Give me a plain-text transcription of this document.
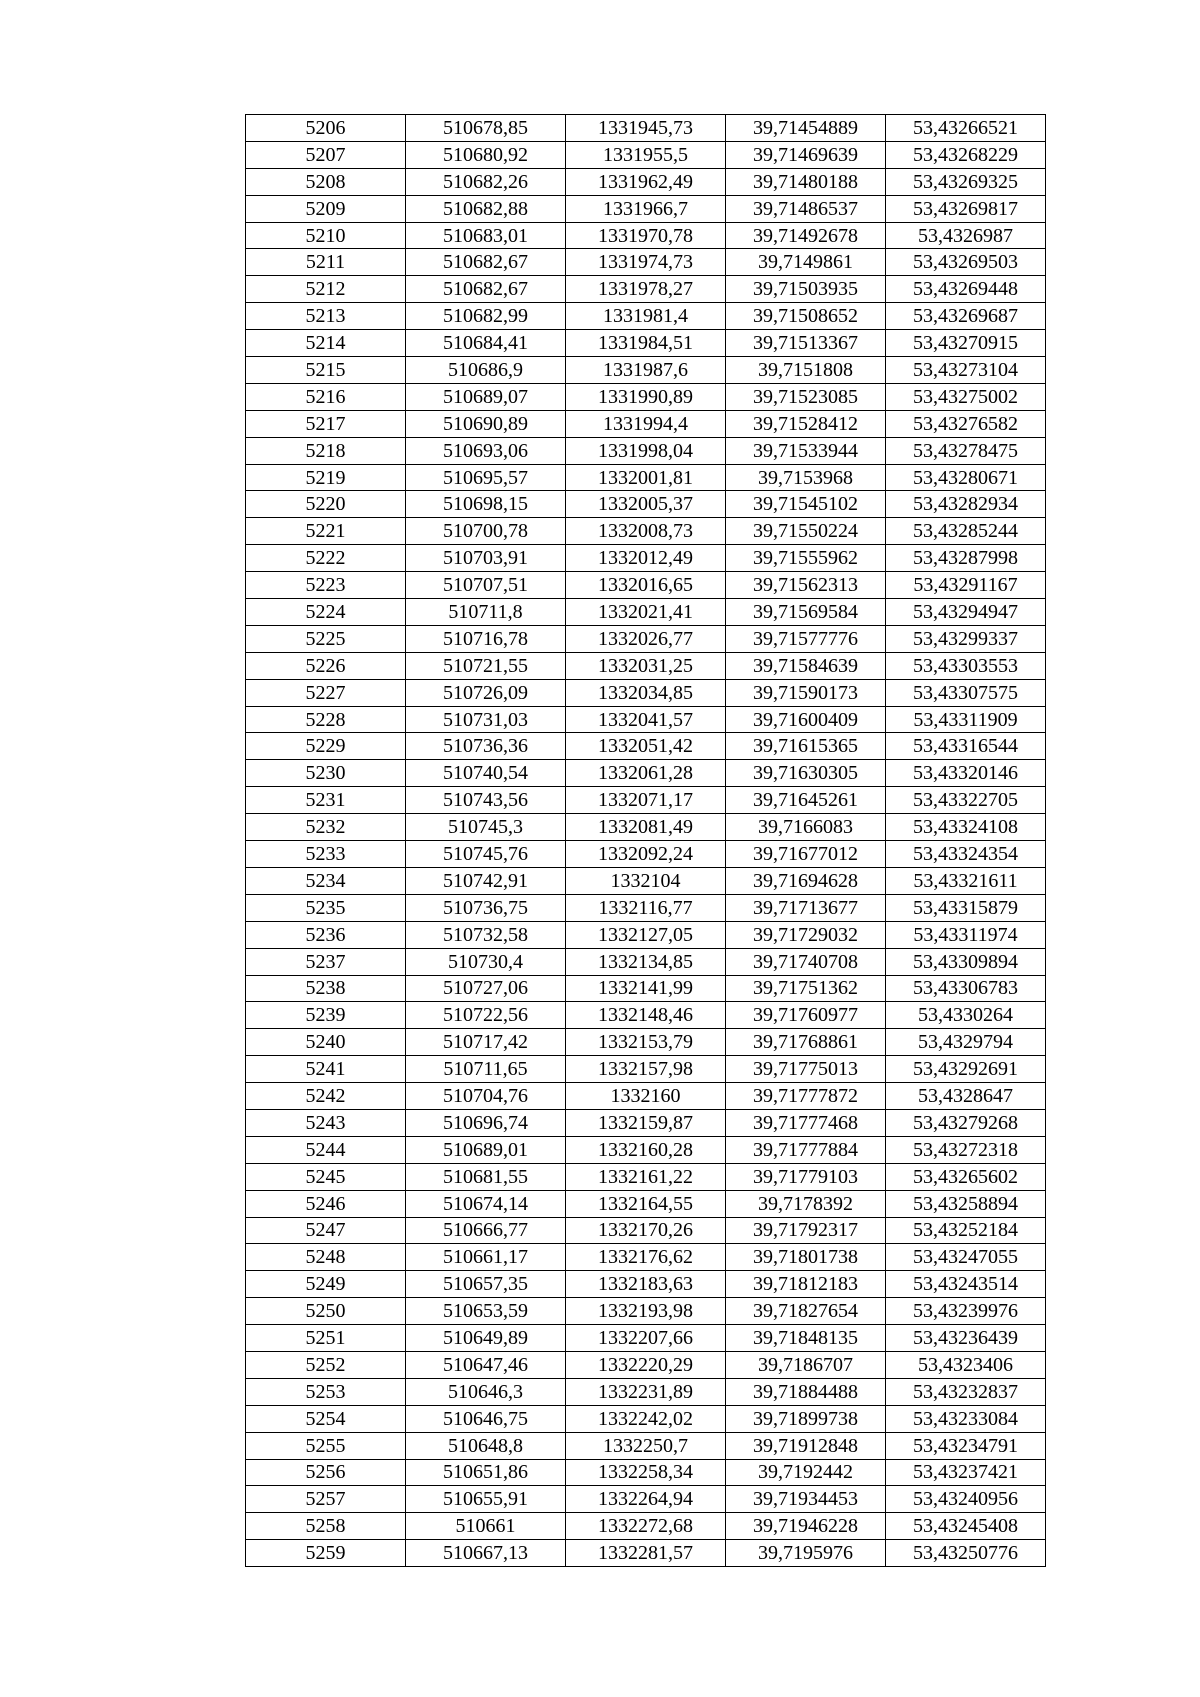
5206	510678,85	1331945,73	39,71454889	53,43266521
5207	510680,92	1331955,5	39,71469639	53,43268229
5208	510682,26	1331962,49	39,71480188	53,43269325
5209	510682,88	1331966,7	39,71486537	53,43269817
5210	510683,01	1331970,78	39,71492678	53,4326987
5211	510682,67	1331974,73	39,7149861	53,43269503
5212	510682,67	1331978,27	39,71503935	53,43269448
5213	510682,99	1331981,4	39,71508652	53,43269687
5214	510684,41	1331984,51	39,71513367	53,43270915
5215	510686,9	1331987,6	39,7151808	53,43273104
5216	510689,07	1331990,89	39,71523085	53,43275002
5217	510690,89	1331994,4	39,71528412	53,43276582
5218	510693,06	1331998,04	39,71533944	53,43278475
5219	510695,57	1332001,81	39,7153968	53,43280671
5220	510698,15	1332005,37	39,71545102	53,43282934
5221	510700,78	1332008,73	39,71550224	53,43285244
5222	510703,91	1332012,49	39,71555962	53,43287998
5223	510707,51	1332016,65	39,71562313	53,43291167
5224	510711,8	1332021,41	39,71569584	53,43294947
5225	510716,78	1332026,77	39,71577776	53,43299337
5226	510721,55	1332031,25	39,71584639	53,43303553
5227	510726,09	1332034,85	39,71590173	53,43307575
5228	510731,03	1332041,57	39,71600409	53,43311909
5229	510736,36	1332051,42	39,71615365	53,43316544
5230	510740,54	1332061,28	39,71630305	53,43320146
5231	510743,56	1332071,17	39,71645261	53,43322705
5232	510745,3	1332081,49	39,7166083	53,43324108
5233	510745,76	1332092,24	39,71677012	53,43324354
5234	510742,91	1332104	39,71694628	53,43321611
5235	510736,75	1332116,77	39,71713677	53,43315879
5236	510732,58	1332127,05	39,71729032	53,43311974
5237	510730,4	1332134,85	39,71740708	53,43309894
5238	510727,06	1332141,99	39,71751362	53,43306783
5239	510722,56	1332148,46	39,71760977	53,4330264
5240	510717,42	1332153,79	39,71768861	53,4329794
5241	510711,65	1332157,98	39,71775013	53,43292691
5242	510704,76	1332160	39,71777872	53,4328647
5243	510696,74	1332159,87	39,71777468	53,43279268
5244	510689,01	1332160,28	39,71777884	53,43272318
5245	510681,55	1332161,22	39,71779103	53,43265602
5246	510674,14	1332164,55	39,7178392	53,43258894
5247	510666,77	1332170,26	39,71792317	53,43252184
5248	510661,17	1332176,62	39,71801738	53,43247055
5249	510657,35	1332183,63	39,71812183	53,43243514
5250	510653,59	1332193,98	39,71827654	53,43239976
5251	510649,89	1332207,66	39,71848135	53,43236439
5252	510647,46	1332220,29	39,7186707	53,4323406
5253	510646,3	1332231,89	39,71884488	53,43232837
5254	510646,75	1332242,02	39,71899738	53,43233084
5255	510648,8	1332250,7	39,71912848	53,43234791
5256	510651,86	1332258,34	39,7192442	53,43237421
5257	510655,91	1332264,94	39,71934453	53,43240956
5258	510661	1332272,68	39,71946228	53,43245408
5259	510667,13	1332281,57	39,7195976	53,43250776
